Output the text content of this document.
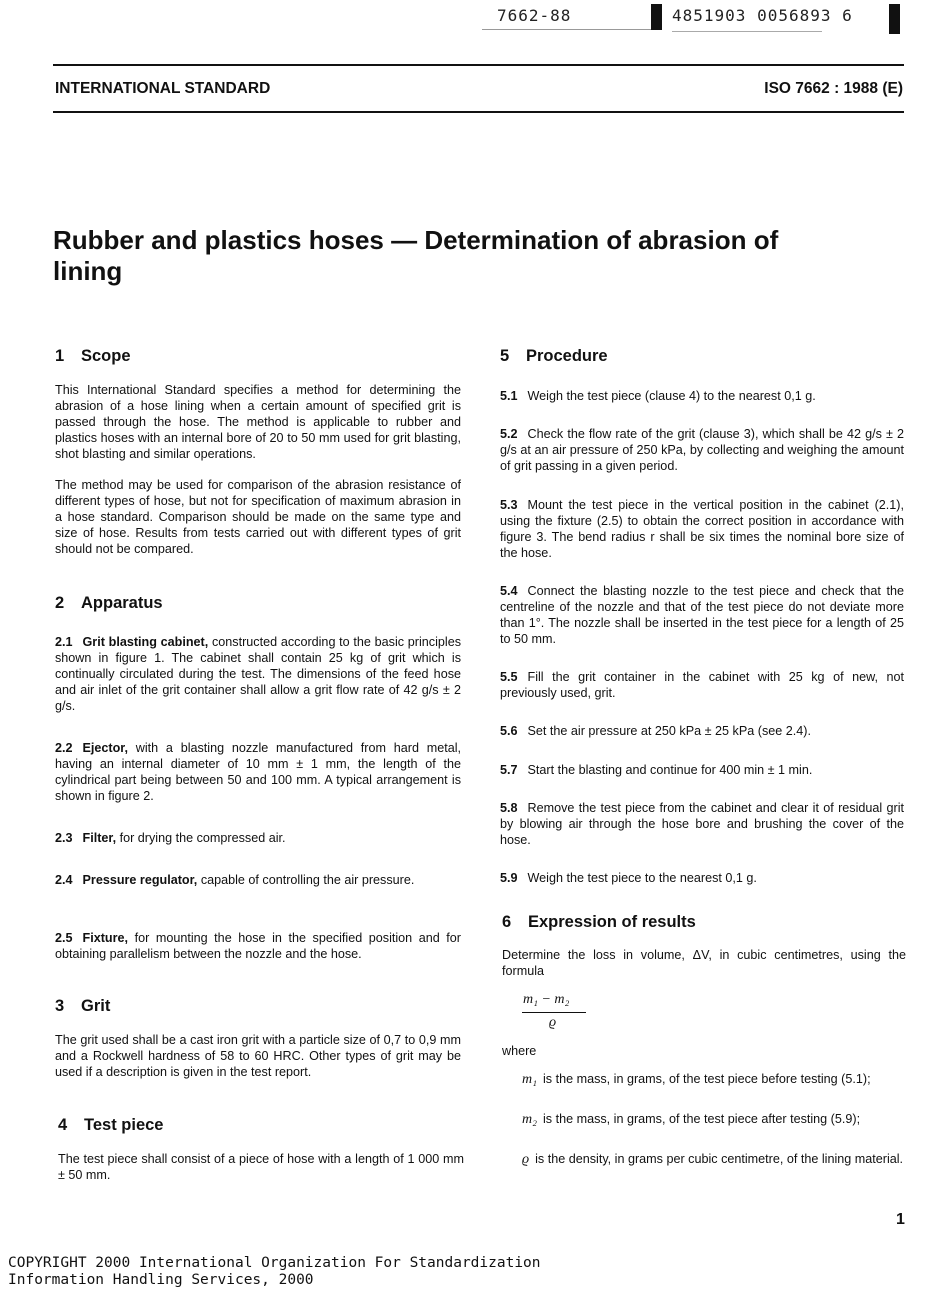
7662-88	4851903 0056893 6
INTERNATIONAL STANDARD	ISO 7662 : 1988 (E)
Rubber and plastics hoses — Determination of abrasion of lining
1 Scope
This International Standard specifies a method for determining the abrasion of a hose lining when a certain amount of specified grit is passed through the hose. The method is applicable to rubber and plastics hoses with an internal bore of 20 to 50 mm used for grit blasting, shot blasting and similar operations.
The method may be used for comparison of the abrasion resistance of different types of hose, but not for specification of maximum abrasion in a hose standard. Comparison should be made on the same type and size of hose. Results from tests carried out with different types of grit should not be compared.
2 Apparatus
2.1 Grit blasting cabinet, constructed according to the basic principles shown in figure 1. The cabinet shall contain 25 kg of grit which is continually circulated during the test. The dimensions of the feed hose and air inlet of the grit container shall allow a grit flow rate of 42 g/s ± 2 g/s.
2.2 Ejector, with a blasting nozzle manufactured from hard metal, having an internal diameter of 10 mm ± 1 mm, the length of the cylindrical part being between 50 and 100 mm. A typical arrangement is shown in figure 2.
2.3 Filter, for drying the compressed air.
2.4 Pressure regulator, capable of controlling the air pressure.
2.5 Fixture, for mounting the hose in the specified position and for obtaining parallelism between the nozzle and the hose.
3 Grit
The grit used shall be a cast iron grit with a particle size of 0,7 to 0,9 mm and a Rockwell hardness of 58 to 60 HRC. Other types of grit may be used if a description is given in the test report.
4 Test piece
The test piece shall consist of a piece of hose with a length of 1 000 mm ± 50 mm.
5 Procedure
5.1 Weigh the test piece (clause 4) to the nearest 0,1 g.
5.2 Check the flow rate of the grit (clause 3), which shall be 42 g/s ± 2 g/s at an air pressure of 250 kPa, by collecting and weighing the amount of grit passing in a given period.
5.3 Mount the test piece in the vertical position in the cabinet (2.1), using the fixture (2.5) to obtain the correct position in accordance with figure 3. The bend radius r shall be six times the nominal bore size of the hose.
5.4 Connect the blasting nozzle to the test piece and check that the centreline of the nozzle and that of the test piece do not deviate more than 1°. The nozzle shall be inserted in the test piece for a length of 25 to 50 mm.
5.5 Fill the grit container in the cabinet with 25 kg of new, not previously used, grit.
5.6 Set the air pressure at 250 kPa ± 25 kPa (see 2.4).
5.7 Start the blasting and continue for 400 min ± 1 min.
5.8 Remove the test piece from the cabinet and clear it of residual grit by blowing air through the hose bore and brushing the cover of the hose.
5.9 Weigh the test piece to the nearest 0,1 g.
6 Expression of results
Determine the loss in volume, ΔV, in cubic centimetres, using the formula
m₁ − m₂
ϱ
where
m₁ is the mass, in grams, of the test piece before testing (5.1);
m₂ is the mass, in grams, of the test piece after testing (5.9);
ϱ is the density, in grams per cubic centimetre, of the lining material.
1
COPYRIGHT 2000 International Organization For Standardization
Information Handling Services, 2000
